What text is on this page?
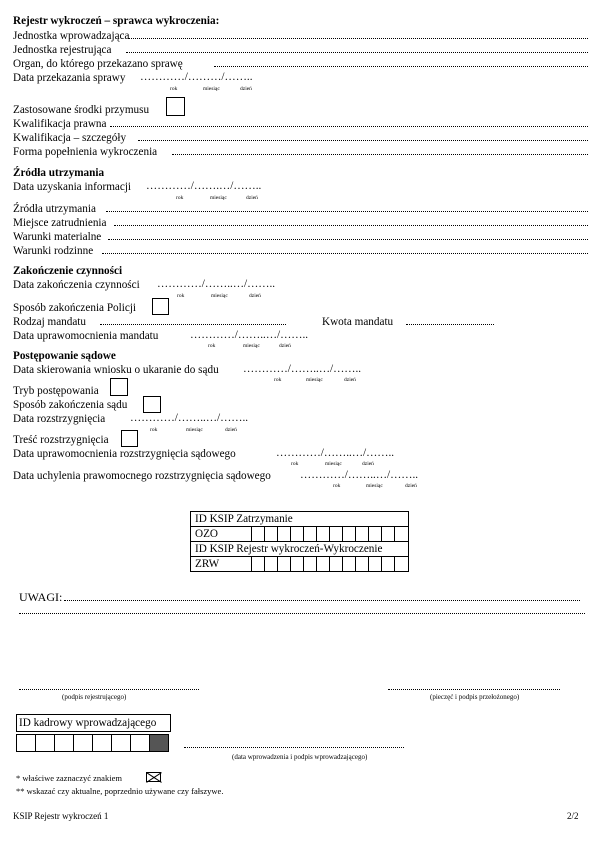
Rejestr wykroczeń – sprawca wykroczenia:
Jednostka wprowadzająca
Jednostka rejestrująca
Organ, do którego przekazano sprawę
Data przekazania sprawy …………/………/……..
rok	miesiąc	dzień
Zastosowane środki przymusu
Kwalifikacja prawna
Kwalifikacja – szczegóły
Forma popełnienia wykroczenia
Źródła utrzymania
Data uzyskania informacji …………/…….…/……..
rok	miesiąc	dzień
Źródła utrzymania
Miejsce zatrudnienia
Warunki materialne
Warunki rodzinne
Zakończenie czynności
Data zakończenia czynności …………/……..…/……..
rok	miesiąc	dzień
Sposób zakończenia Policji
Rodzaj mandatu	Kwota mandatu
Data uprawomocnienia mandatu	…………/……..…/……..
rok	miesiąc	dzień
Postępowanie sądowe
Data skierowania wniosku o ukaranie do sądu …………/……..…/……..
rok	miesiąc	dzień
Tryb postępowania
Sposób zakończenia sądu
Data rozstrzygnięcia …………/……..…/……..
rok	miesiąc	dzień
Treść rozstrzygnięcia
Data uprawomocnienia rozstrzygnięcia sądowego	…………/……..…/……..
rok	miesiąc	dzień
Data uchylenia prawomocnego rozstrzygnięcia sądowego	…………/……..…/……..
rok	miesiąc	dzień
ID KSIP Zatrzymanie												
OZO												
ID KSIP Rejestr wykroczeń-Wykroczenie												
ZRW												
UWAGI:
(podpis rejestrującego)	(pieczęć i podpis przełożonego)
ID kadrowy wprowadzającego
(data wprowadzenia i podpis wprowadzającego)
* właściwe zaznaczyć znakiem
** wskazać czy aktualne, poprzednio używane czy fałszywe.
KSIP Rejestr wykroczeń 1	2/2
